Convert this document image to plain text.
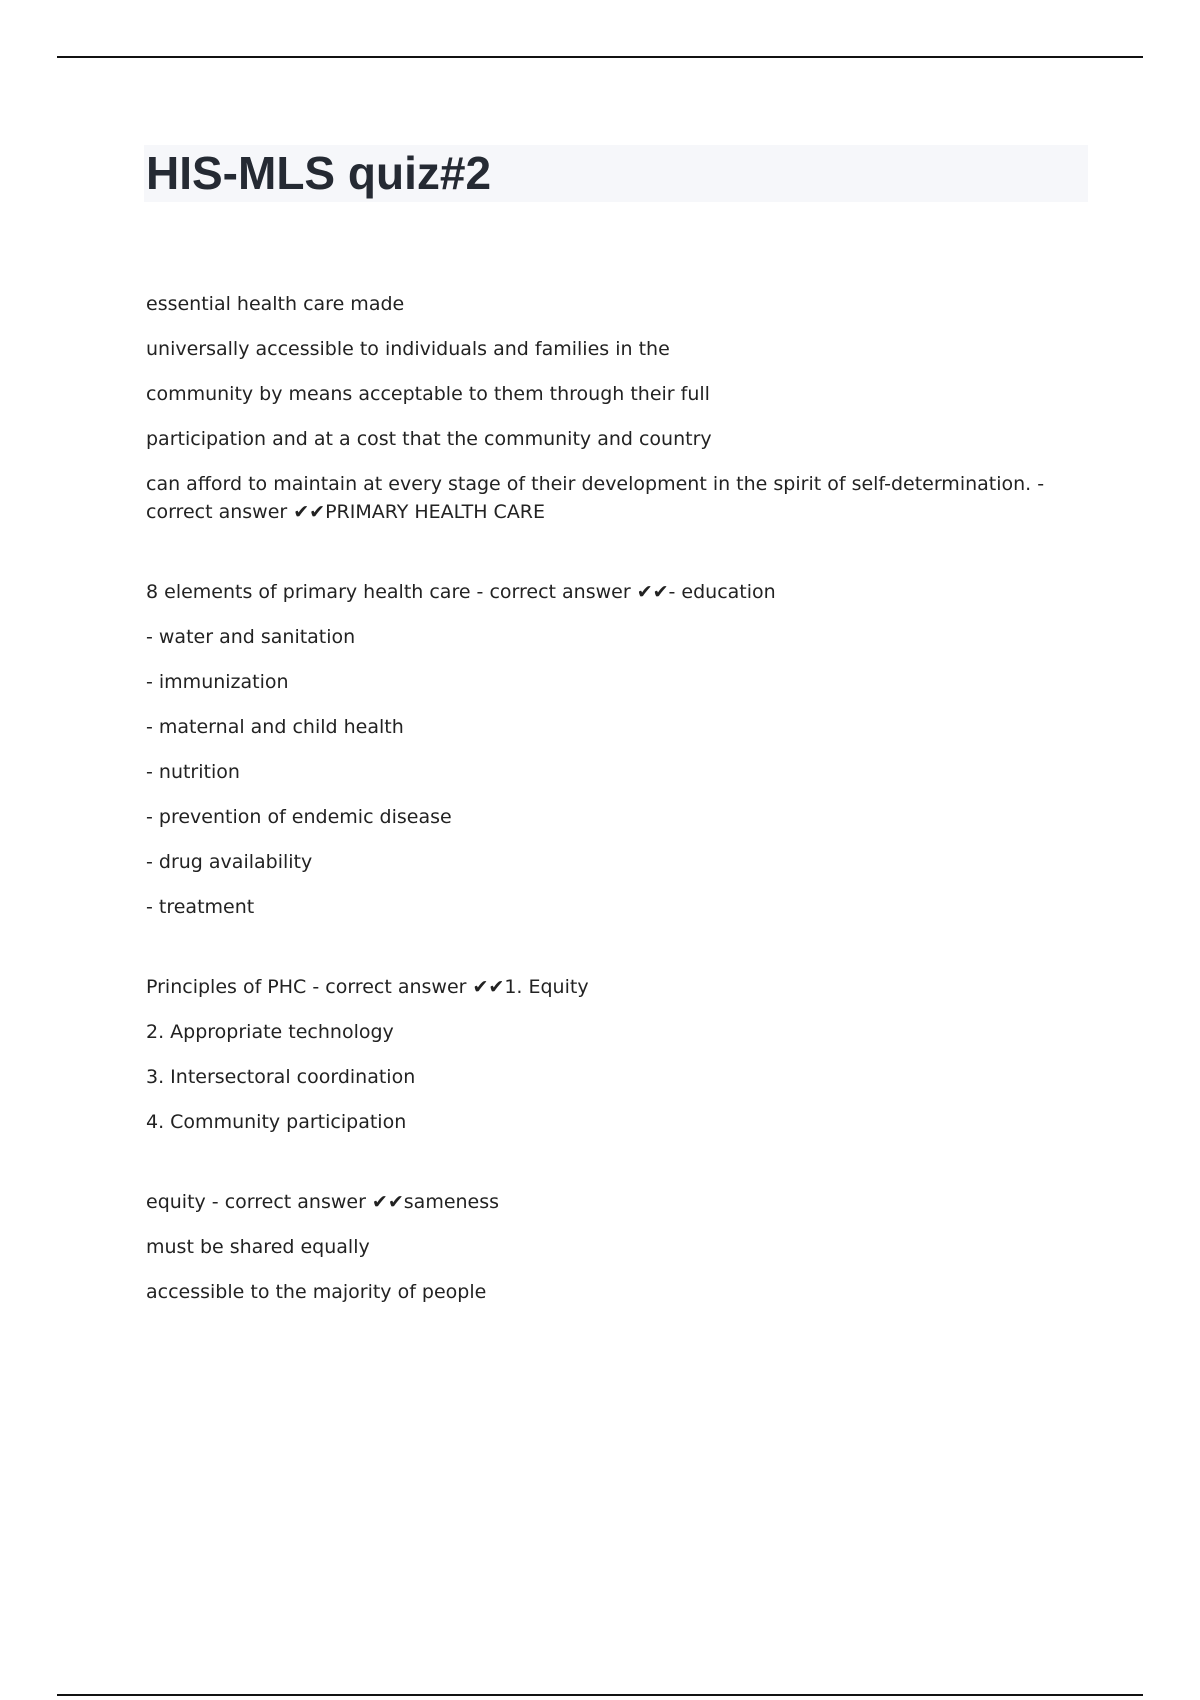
HIS-MLS quiz#2

essential health care made

universally accessible to individuals and families in the

community by means acceptable to them through their full

participation and at a cost that the community and country

can afford to maintain at every stage of their development in the spirit of self-determination. - correct answer ✔✔PRIMARY HEALTH CARE

8 elements of primary health care - correct answer ✔✔- education

- water and sanitation

- immunization

- maternal and child health

- nutrition

- prevention of endemic disease

- drug availability

- treatment

Principles of PHC - correct answer ✔✔1. Equity

2. Appropriate technology

3. Intersectoral coordination

4. Community participation

equity - correct answer ✔✔sameness

must be shared equally

accessible to the majority of people
